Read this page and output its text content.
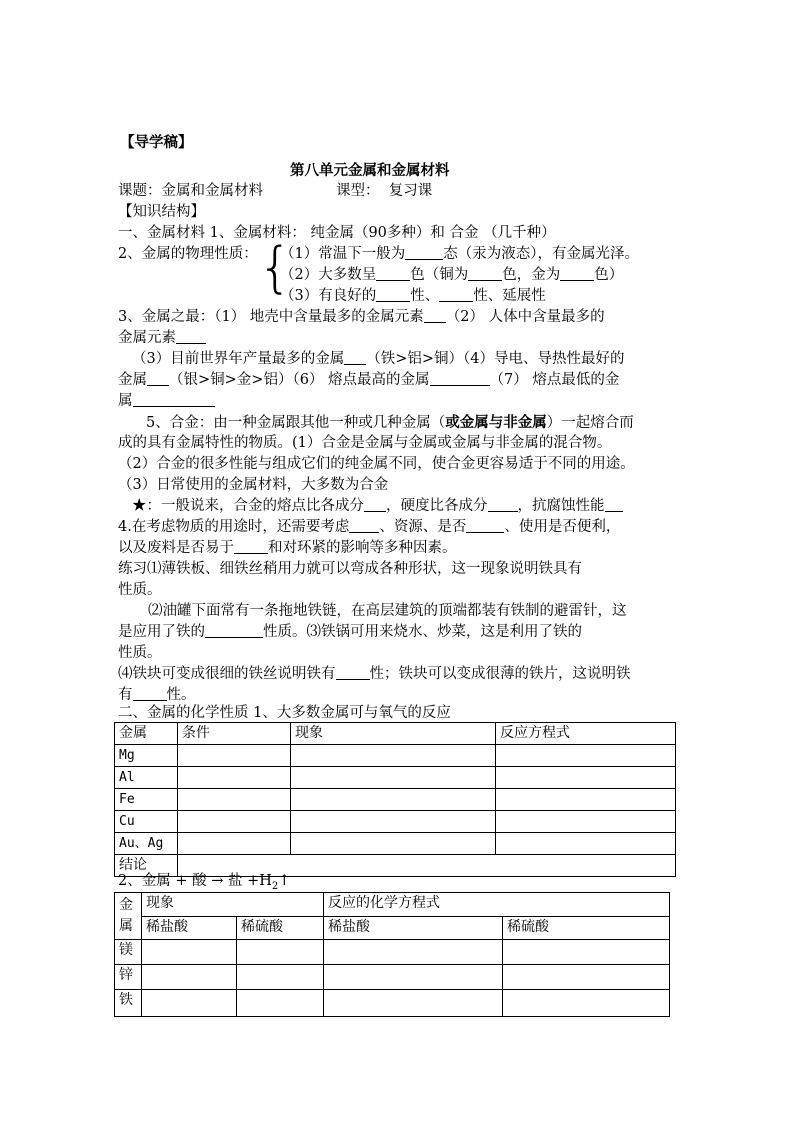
【导学稿】
第八单元金属和金属材料
课题：金属和金属材料	课型： 复习课
【知识结构】
一、金属材料 1、金属材料： 纯金属（90多种）和 合金 （几千种）
2、金属的物理性质： {
（1）常温下一般为	态（汞为液态），有金属光泽。
（2）大多数呈 色（铜为 色，金为 色）
（3）有良好的 性、 性、延展性
3、金属之最：（1） 地壳中含量最多的金属元素 （2） 人体中含量最多的
金属元素
（3）目前世界年产量最多的金属 （铁>铝>铜）（4）导电、导热性最好的
金属 （银>铜>金>铝）（6） 熔点最高的金属	（7） 熔点最低的金
属
5、合金：由一种金属跟其他一种或几种金属（或金属与非金属）一起熔合而
成的具有金属特性的物质。(1）合金是金属与金属或金属与非金属的混合物。
（2）合金的很多性能与组成它们的纯金属不同，使合金更容易适于不同的用途。
（3）日常使用的金属材料，大多数为合金
★：一般说来，合金的熔点比各成分 ，硬度比各成分 ，抗腐蚀性能
4.在考虑物质的用途时，还需要考虑 、资源、是否	、使用是否便利，
以及废料是否易于 和对环紧的影响等多种因素。
练习⑴薄铁板、细铁丝稍用力就可以弯成各种形状，这一现象说明铁具有
性质。
⑵油罐下面常有一条拖地铁链，在高层建筑的顶端都装有铁制的避雷针，这
是应用了铁的	性质。⑶铁锅可用来烧水、炒菜，这是利用了铁的
性质。
⑷铁块可变成很细的铁丝说明铁有 性；铁块可以变成很薄的铁片，这说明铁
有 性。
二、金属的化学性质 1、大多数金属可与氧气的反应
金属	条件	现象	反应方程式
Mg			
Al			
Fe			
Cu			
Au、Ag			
结论			
2、金属 + 酸 → 盐 $+H_2↑$
金属	现象		反应的化学方程式	
	稀盐酸	稀硫酸	稀盐酸	稀硫酸
镁				
锌				
铁				
